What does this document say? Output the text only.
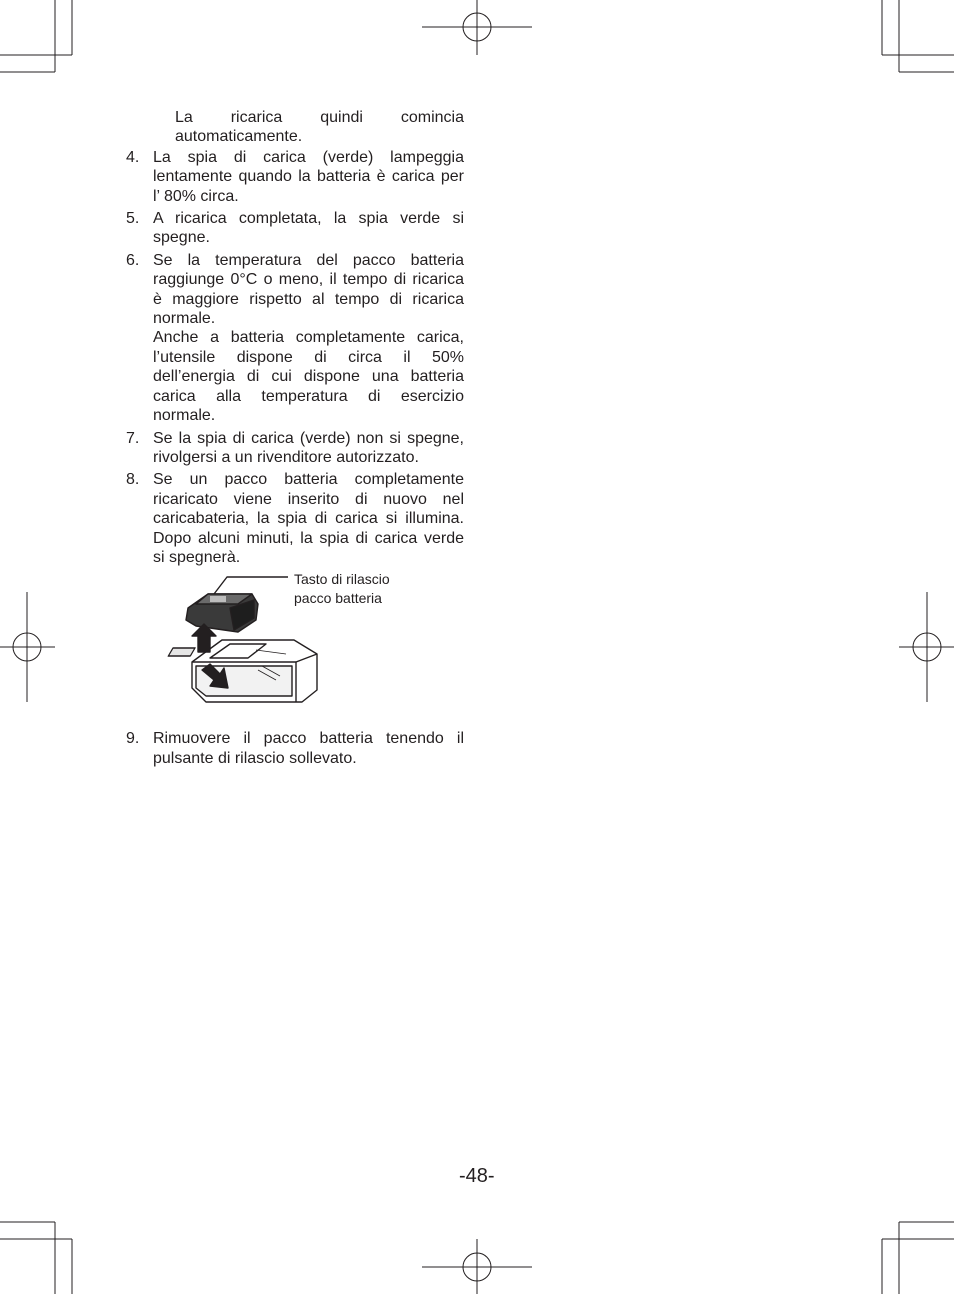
La ricarica quindi comincia automaticamente.
4. La spia di carica (verde) lampeggia lentamente quando la batteria è carica per l’ 80% circa.

5. A ricarica completata, la spia verde si spegne.

6. Se la temperatura del pacco batteria raggiunge 0°C o meno, il tempo di ricarica è maggiore rispetto al tempo di ricarica normale.

Anche a batteria completamente carica, l’utensile dispone di circa il 50% dell’energia di cui dispone una batteria carica alla temperatura di esercizio normale.

7. Se la spia di carica (verde) non si spegne, rivolgersi a un rivenditore autorizzato.

8. Se un pacco batteria completamente ricaricato viene inserito di nuovo nel caricabateria, la spia di carica si illumina. Dopo alcuni minuti, la spia di carica verde si spegnerà.

Tasto di rilascio
pacco batteria
9. Rimuovere il pacco batteria tenendo il pulsante di rilascio sollevato.

-48-
